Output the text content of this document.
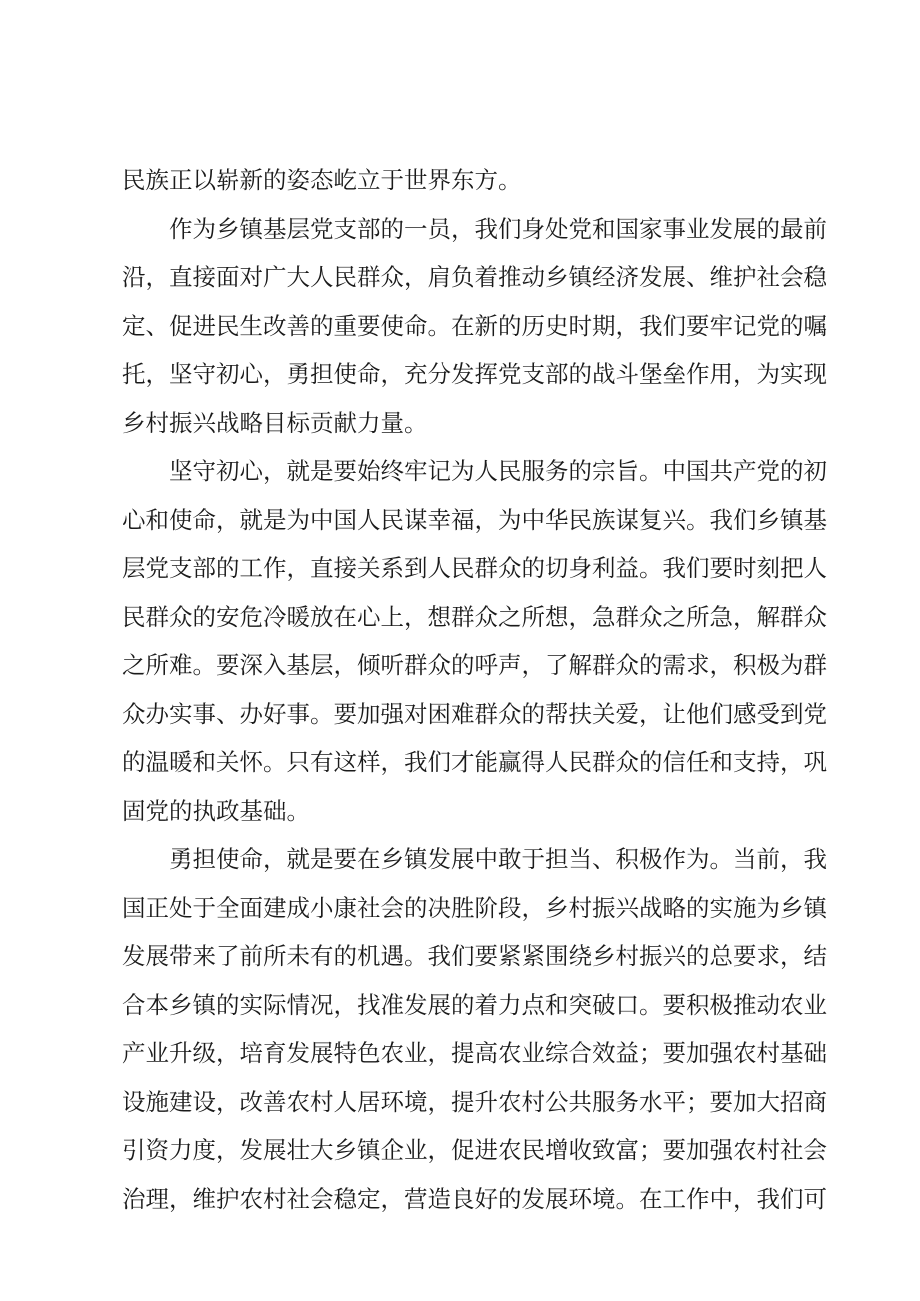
民族正以崭新的姿态屹立于世界东方。
作为乡镇基层党支部的一员，我们身处党和国家事业发展的最前
沿，直接面对广大人民群众，肩负着推动乡镇经济发展、维护社会稳
定、促进民生改善的重要使命。在新的历史时期，我们要牢记党的嘱
托，坚守初心，勇担使命，充分发挥党支部的战斗堡垒作用，为实现
乡村振兴战略目标贡献力量。
坚守初心，就是要始终牢记为人民服务的宗旨。中国共产党的初
心和使命，就是为中国人民谋幸福，为中华民族谋复兴。我们乡镇基
层党支部的工作，直接关系到人民群众的切身利益。我们要时刻把人
民群众的安危冷暖放在心上，想群众之所想，急群众之所急，解群众
之所难。要深入基层，倾听群众的呼声，了解群众的需求，积极为群
众办实事、办好事。要加强对困难群众的帮扶关爱，让他们感受到党
的温暖和关怀。只有这样，我们才能赢得人民群众的信任和支持，巩
固党的执政基础。
勇担使命，就是要在乡镇发展中敢于担当、积极作为。当前，我
国正处于全面建成小康社会的决胜阶段，乡村振兴战略的实施为乡镇
发展带来了前所未有的机遇。我们要紧紧围绕乡村振兴的总要求，结
合本乡镇的实际情况，找准发展的着力点和突破口。要积极推动农业
产业升级，培育发展特色农业，提高农业综合效益；要加强农村基础
设施建设，改善农村人居环境，提升农村公共服务水平；要加大招商
引资力度，发展壮大乡镇企业，促进农民增收致富；要加强农村社会
治理，维护农村社会稳定，营造良好的发展环境。在工作中，我们可
